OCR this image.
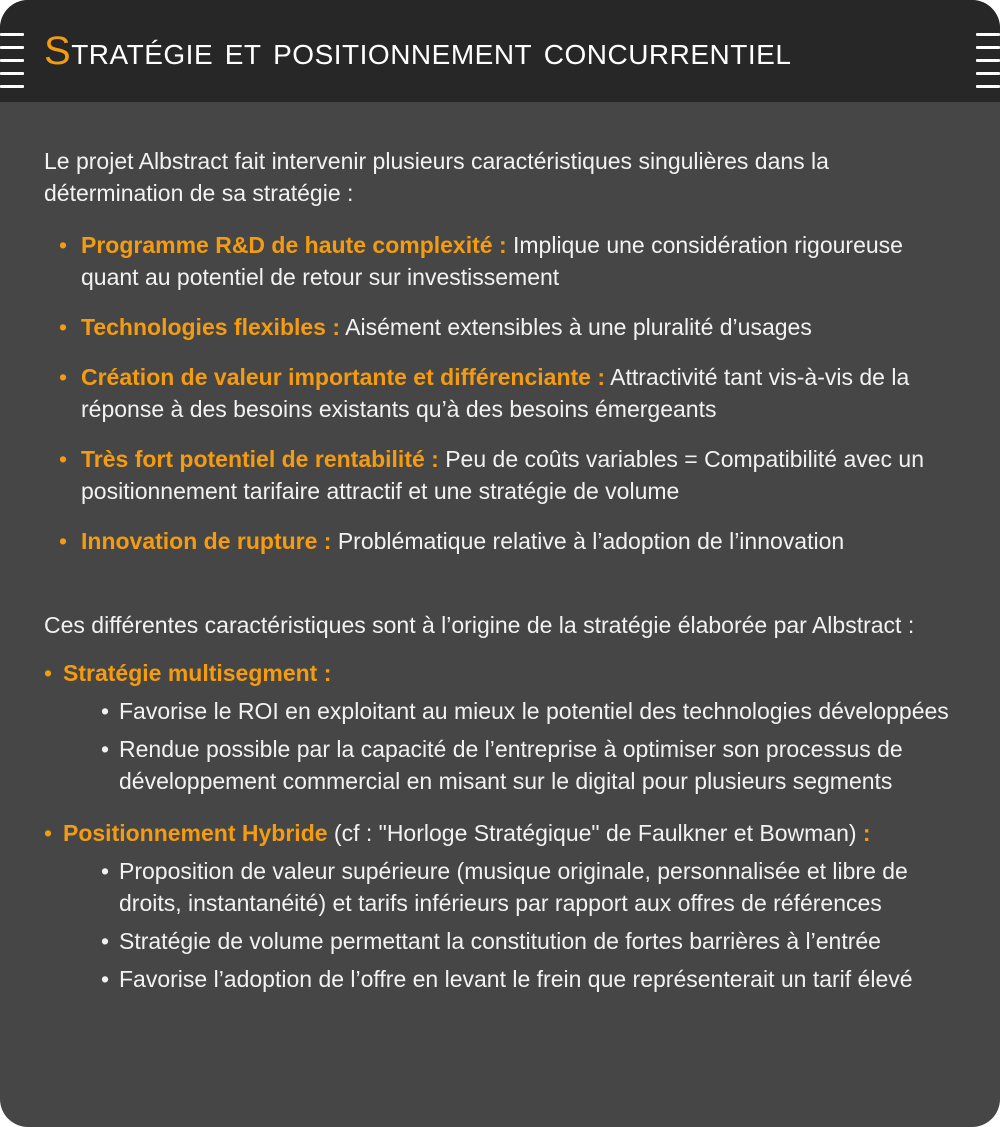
Stratégie et positionnement concurrentiel

Le projet Albstract fait intervenir plusieurs caractéristiques singulières dans la détermination de sa stratégie :

• Programme R&D de haute complexité : Implique une considération rigoureuse quant au potentiel de retour sur investissement
• Technologies flexibles : Aisément extensibles à une pluralité d’usages
• Création de valeur importante et différenciante : Attractivité tant vis-à-vis de la réponse à des besoins existants qu’à des besoins émergeants
• Très fort potentiel de rentabilité : Peu de coûts variables = Compatibilité avec un positionnement tarifaire attractif et une stratégie de volume
• Innovation de rupture : Problématique relative à l’adoption de l’innovation

Ces différentes caractéristiques sont à l’origine de la stratégie élaborée par Albstract :

• Stratégie multisegment :
• Favorise le ROI en exploitant au mieux le potentiel des technologies développées
• Rendue possible par la capacité de l’entreprise à optimiser son processus de développement commercial en misant sur le digital pour plusieurs segments
• Positionnement Hybride (cf : "Horloge Stratégique" de Faulkner et Bowman) :
• Proposition de valeur supérieure (musique originale, personnalisée et libre de droits, instantanéité) et tarifs inférieurs par rapport aux offres de références
• Stratégie de volume permettant la constitution de fortes barrières à l’entrée
• Favorise l’adoption de l’offre en levant le frein que représenterait un tarif élevé
